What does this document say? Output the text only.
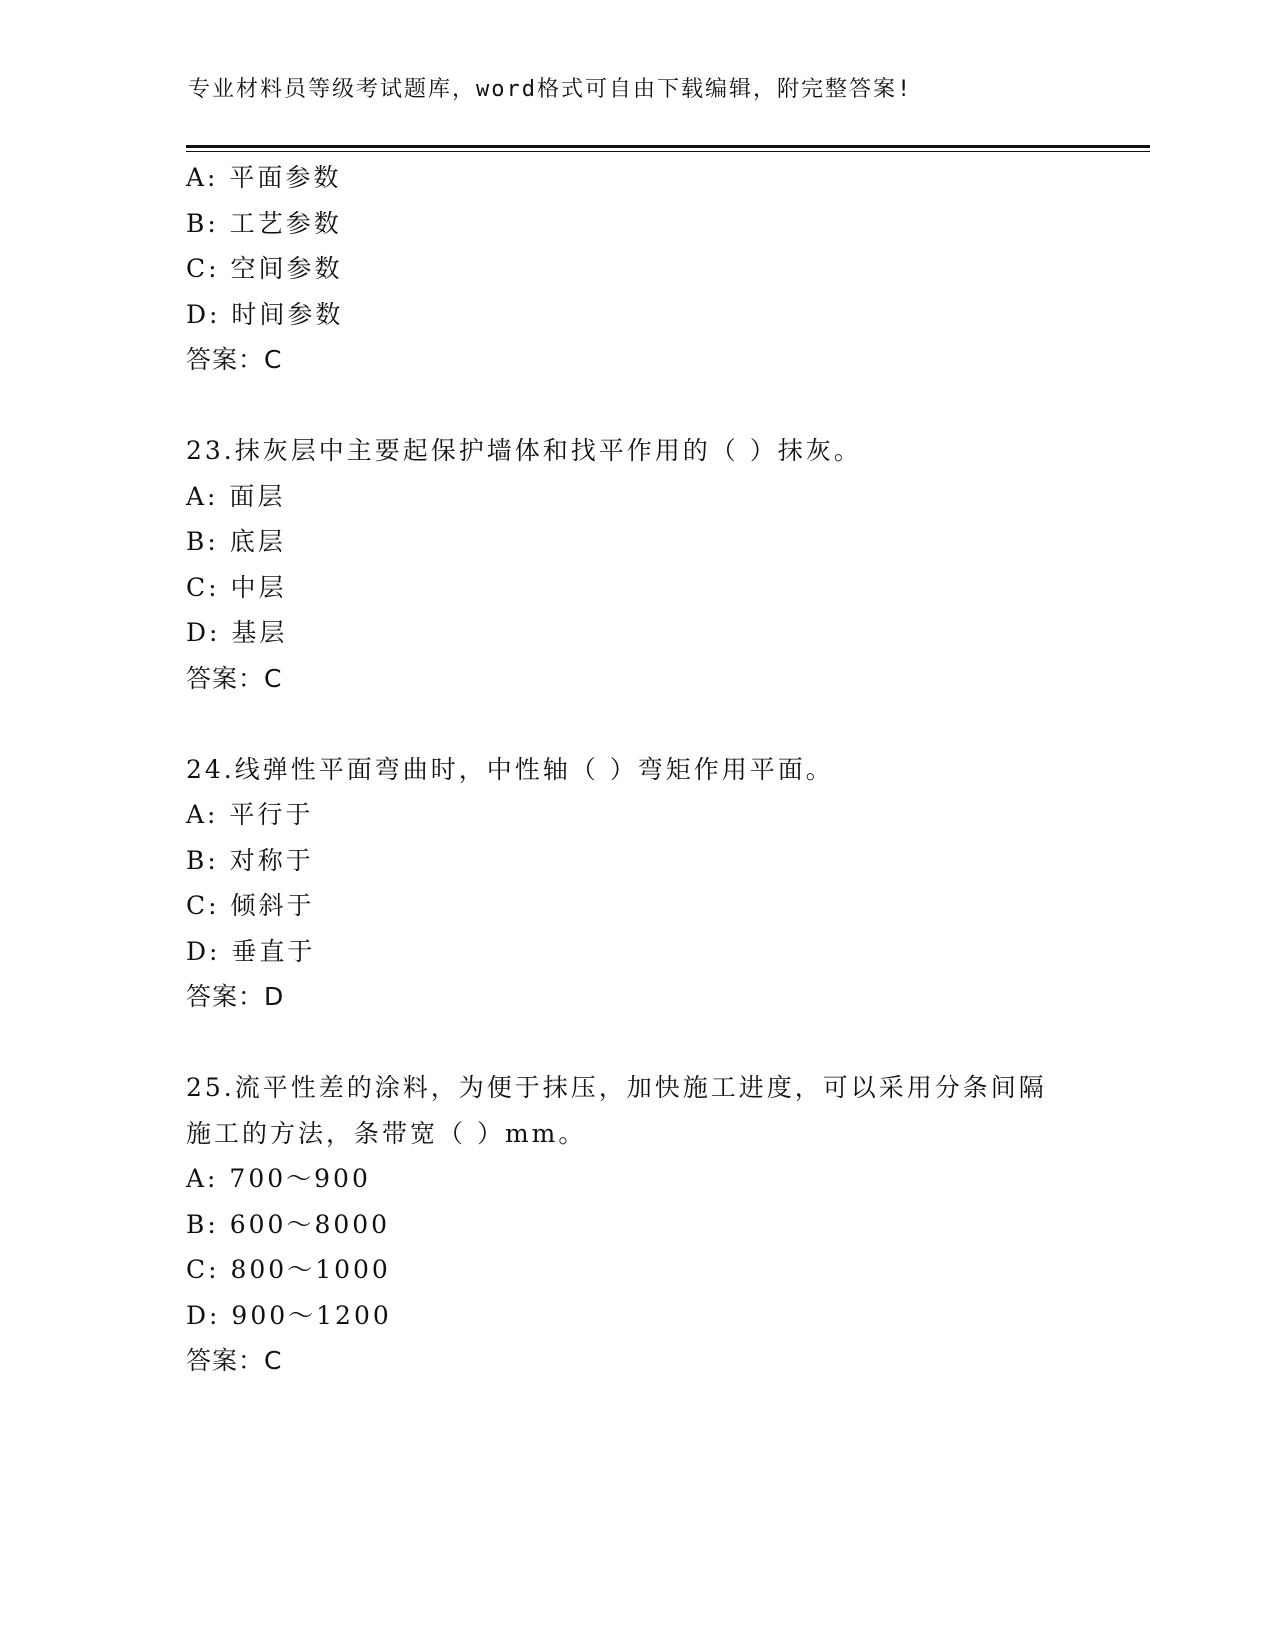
专业材料员等级考试题库，word格式可自由下载编辑，附完整答案!
A: 平面参数
B: 工艺参数
C: 空间参数
D: 时间参数
答案：C
23.抹灰层中主要起保护墙体和找平作用的（ ）抹灰。
A: 面层
B: 底层
C: 中层
D: 基层
答案：C
24.线弹性平面弯曲时，中性轴（ ）弯矩作用平面。
A: 平行于
B: 对称于
C: 倾斜于
D: 垂直于
答案：D
25.流平性差的涂料，为便于抹压，加快施工进度，可以采用分条间隔
施工的方法，条带宽（ ）mm。
A: 700～900
B: 600～8000
C: 800～1000
D: 900～1200
答案：C
